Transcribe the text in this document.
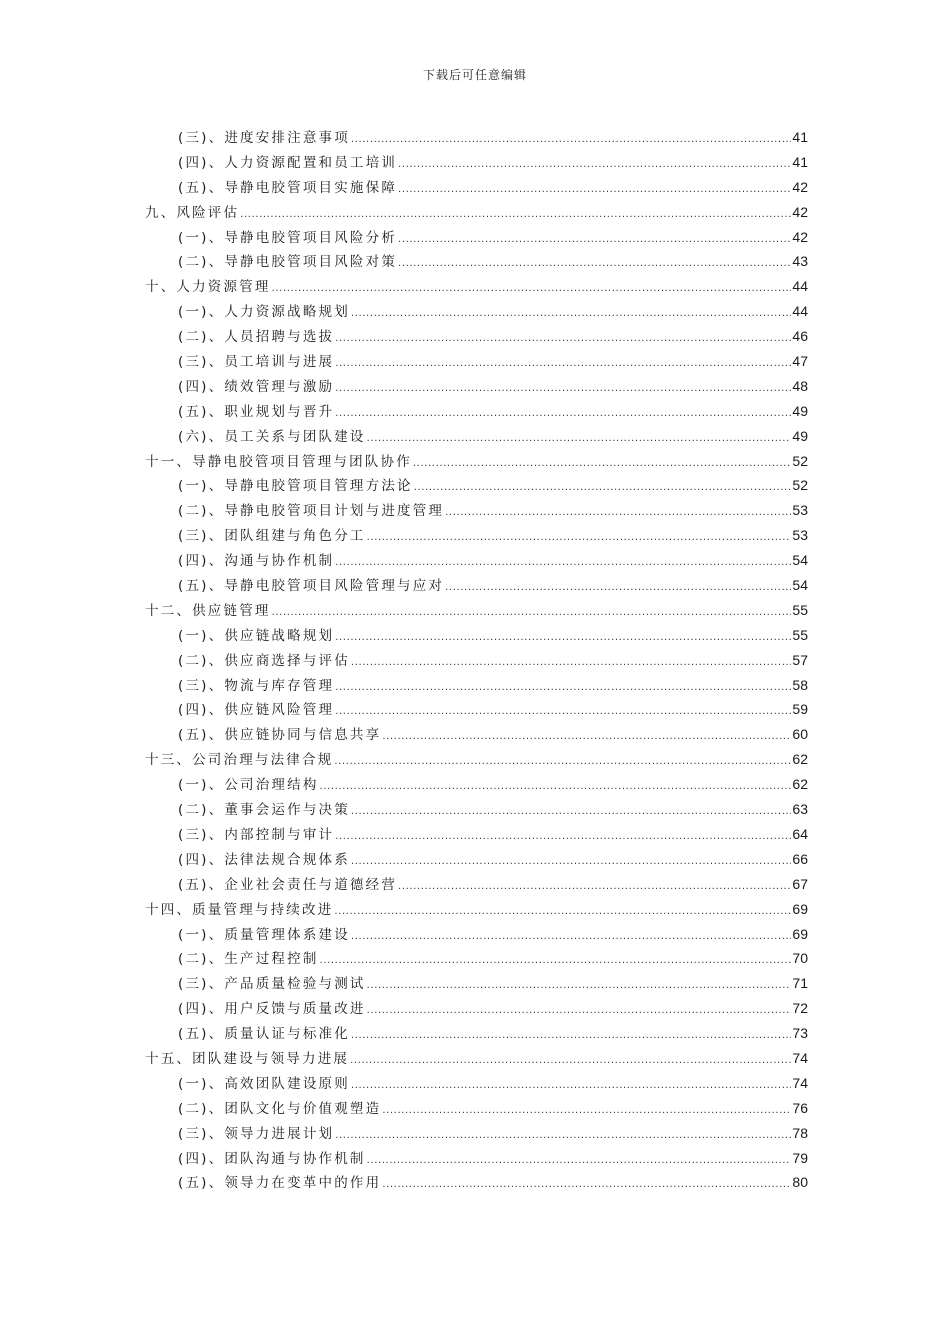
下载后可任意编辑
(三)、进度安排注意事项 .....	41
(四)、人力资源配置和员工培训 .....	41
(五)、导静电胶管项目实施保障 .....	42
九、风险评估 .....	42
(一)、导静电胶管项目风险分析 .....	42
(二)、导静电胶管项目风险对策 .....	43
十、人力资源管理 .....	44
(一)、人力资源战略规划 .....	44
(二)、人员招聘与选拔 .....	46
(三)、员工培训与进展 .....	47
(四)、绩效管理与激励 .....	48
(五)、职业规划与晋升 .....	49
(六)、员工关系与团队建设 .....	49
十一、导静电胶管项目管理与团队协作 .....	52
(一)、导静电胶管项目管理方法论 .....	52
(二)、导静电胶管项目计划与进度管理 .....	53
(三)、团队组建与角色分工 .....	53
(四)、沟通与协作机制 .....	54
(五)、导静电胶管项目风险管理与应对 .....	54
十二、供应链管理 .....	55
(一)、供应链战略规划 .....	55
(二)、供应商选择与评估 .....	57
(三)、物流与库存管理 .....	58
(四)、供应链风险管理 .....	59
(五)、供应链协同与信息共享 .....	60
十三、公司治理与法律合规 .....	62
(一)、公司治理结构 .....	62
(二)、董事会运作与决策 .....	63
(三)、内部控制与审计 .....	64
(四)、法律法规合规体系 .....	66
(五)、企业社会责任与道德经营 .....	67
十四、质量管理与持续改进 .....	69
(一)、质量管理体系建设 .....	69
(二)、生产过程控制 .....	70
(三)、产品质量检验与测试 .....	71
(四)、用户反馈与质量改进 .....	72
(五)、质量认证与标准化 .....	73
十五、团队建设与领导力进展 .....	74
(一)、高效团队建设原则 .....	74
(二)、团队文化与价值观塑造 .....	76
(三)、领导力进展计划 .....	78
(四)、团队沟通与协作机制 .....	79
(五)、领导力在变革中的作用 .....	80
